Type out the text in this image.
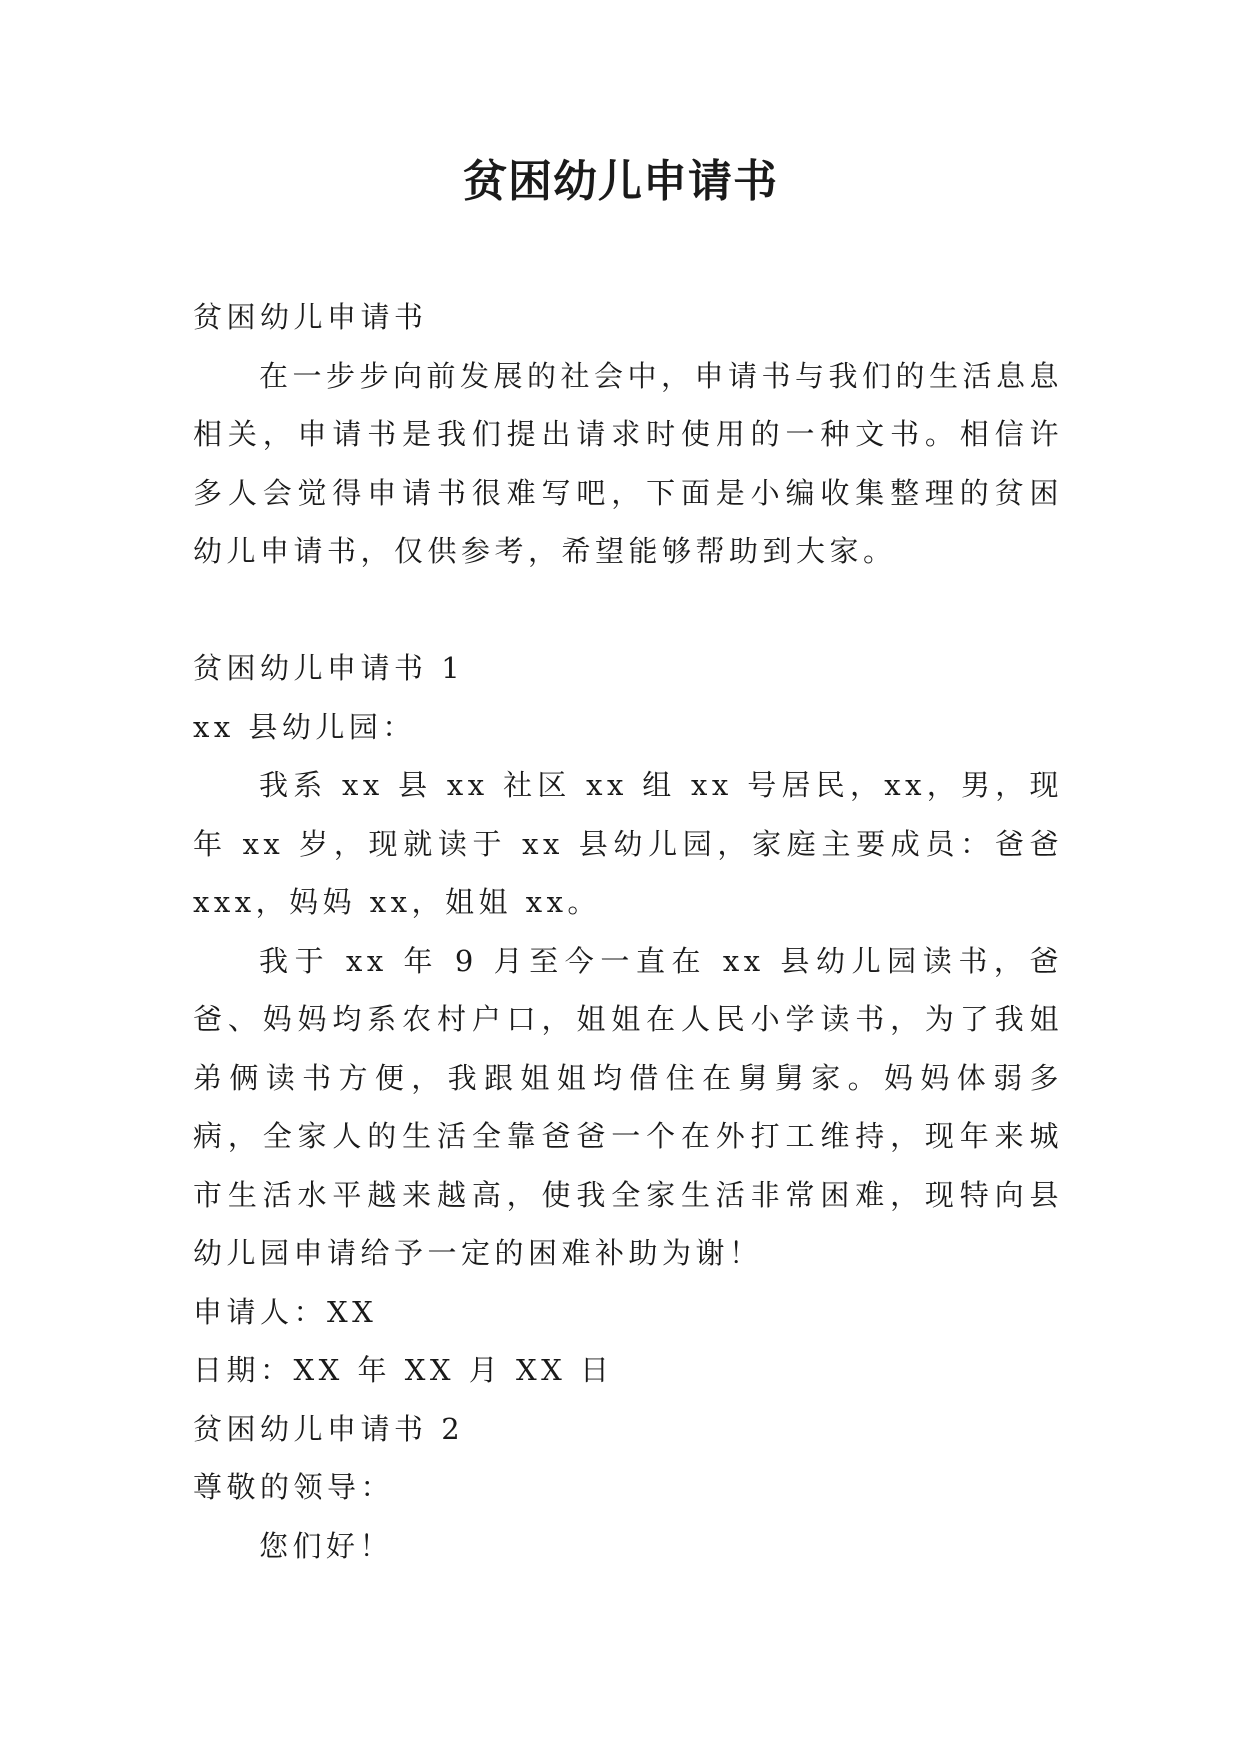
贫困幼儿申请书

贫困幼儿申请书

在一步步向前发展的社会中，申请书与我们的生活息息相关，申请书是我们提出请求时使用的一种文书。相信许多人会觉得申请书很难写吧，下面是小编收集整理的贫困幼儿申请书，仅供参考，希望能够帮助到大家。

贫困幼儿申请书 1

xx 县幼儿园：

我系 xx 县 xx 社区 xx 组 xx 号居民，xx，男，现年 xx 岁，现就读于 xx 县幼儿园，家庭主要成员：爸爸 xxx，妈妈 xx，姐姐 xx。

我于 xx 年 9 月至今一直在 xx 县幼儿园读书，爸爸、妈妈均系农村户口，姐姐在人民小学读书，为了我姐弟俩读书方便，我跟姐姐均借住在舅舅家。妈妈体弱多病，全家人的生活全靠爸爸一个在外打工维持，现年来城市生活水平越来越高，使我全家生活非常困难，现特向县幼儿园申请给予一定的困难补助为谢！

申请人：XX

日期：XX 年 XX 月 XX 日

贫困幼儿申请书 2

尊敬的领导：

您们好！
